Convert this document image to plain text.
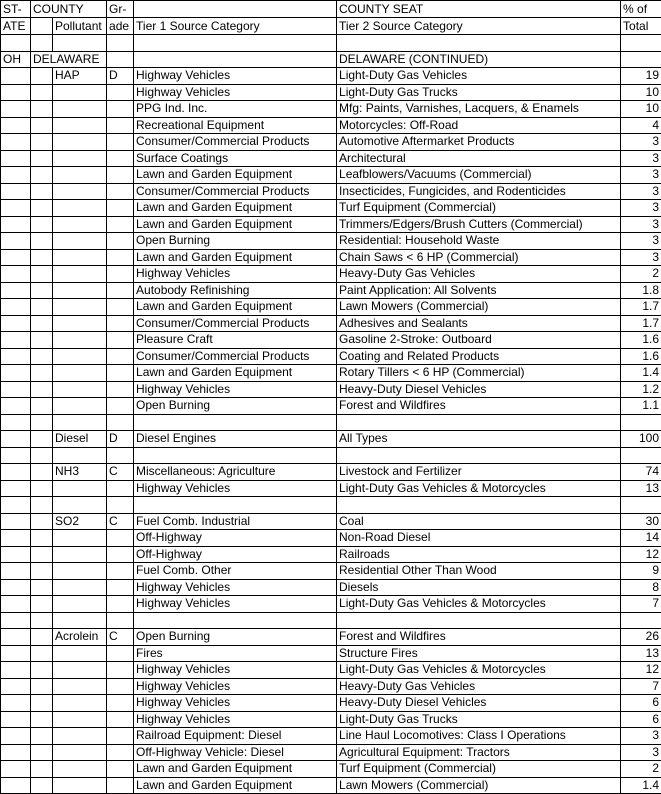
ST-	COUNTY		Gr-		COUNTY SEAT	% of
ATE		Pollutant	ade	Tier 1 Source Category	Tier 2 Source Category	Total

OH	DELAWARE				DELAWARE (CONTINUED)	
		HAP	D	Highway Vehicles	Light-Duty Gas Vehicles	19
				Highway Vehicles	Light-Duty Gas Trucks	10
				PPG Ind. Inc.	Mfg: Paints, Varnishes, Lacquers, & Enamels	10
				Recreational Equipment	Motorcycles: Off-Road	4
				Consumer/Commercial Products	Automotive Aftermarket Products	3
				Surface Coatings	Architectural	3
				Lawn and Garden Equipment	Leafblowers/Vacuums (Commercial)	3
				Consumer/Commercial Products	Insecticides, Fungicides, and Rodenticides	3
				Lawn and Garden Equipment	Turf Equipment (Commercial)	3
				Lawn and Garden Equipment	Trimmers/Edgers/Brush Cutters (Commercial)	3
				Open Burning	Residential: Household Waste	3
				Lawn and Garden Equipment	Chain Saws < 6 HP (Commercial)	3
				Highway Vehicles	Heavy-Duty Gas Vehicles	2
				Autobody Refinishing	Paint Application: All Solvents	1.8
				Lawn and Garden Equipment	Lawn Mowers (Commercial)	1.7
				Consumer/Commercial Products	Adhesives and Sealants	1.7
				Pleasure Craft	Gasoline 2-Stroke: Outboard	1.6
				Consumer/Commercial Products	Coating and Related Products	1.6
				Lawn and Garden Equipment	Rotary Tillers < 6 HP (Commercial)	1.4
				Highway Vehicles	Heavy-Duty Diesel Vehicles	1.2
				Open Burning	Forest and Wildfires	1.1

		Diesel	D	Diesel Engines	All Types	100

		NH3	C	Miscellaneous: Agriculture	Livestock and Fertilizer	74
				Highway Vehicles	Light-Duty Gas Vehicles & Motorcycles	13

		SO2	C	Fuel Comb. Industrial	Coal	30
				Off-Highway	Non-Road Diesel	14
				Off-Highway	Railroads	12
				Fuel Comb. Other	Residential Other Than Wood	9
				Highway Vehicles	Diesels	8
				Highway Vehicles	Light-Duty Gas Vehicles & Motorcycles	7

		Acrolein	C	Open Burning	Forest and Wildfires	26
				Fires	Structure Fires	13
				Highway Vehicles	Light-Duty Gas Vehicles & Motorcycles	12
				Highway Vehicles	Heavy-Duty Gas Vehicles	7
				Highway Vehicles	Heavy-Duty Diesel Vehicles	6
				Highway Vehicles	Light-Duty Gas Trucks	6
				Railroad Equipment: Diesel	Line Haul Locomotives: Class I Operations	3
				Off-Highway Vehicle: Diesel	Agricultural Equipment: Tractors	3
				Lawn and Garden Equipment	Turf Equipment (Commercial)	2
				Lawn and Garden Equipment	Lawn Mowers (Commercial)	1.4
